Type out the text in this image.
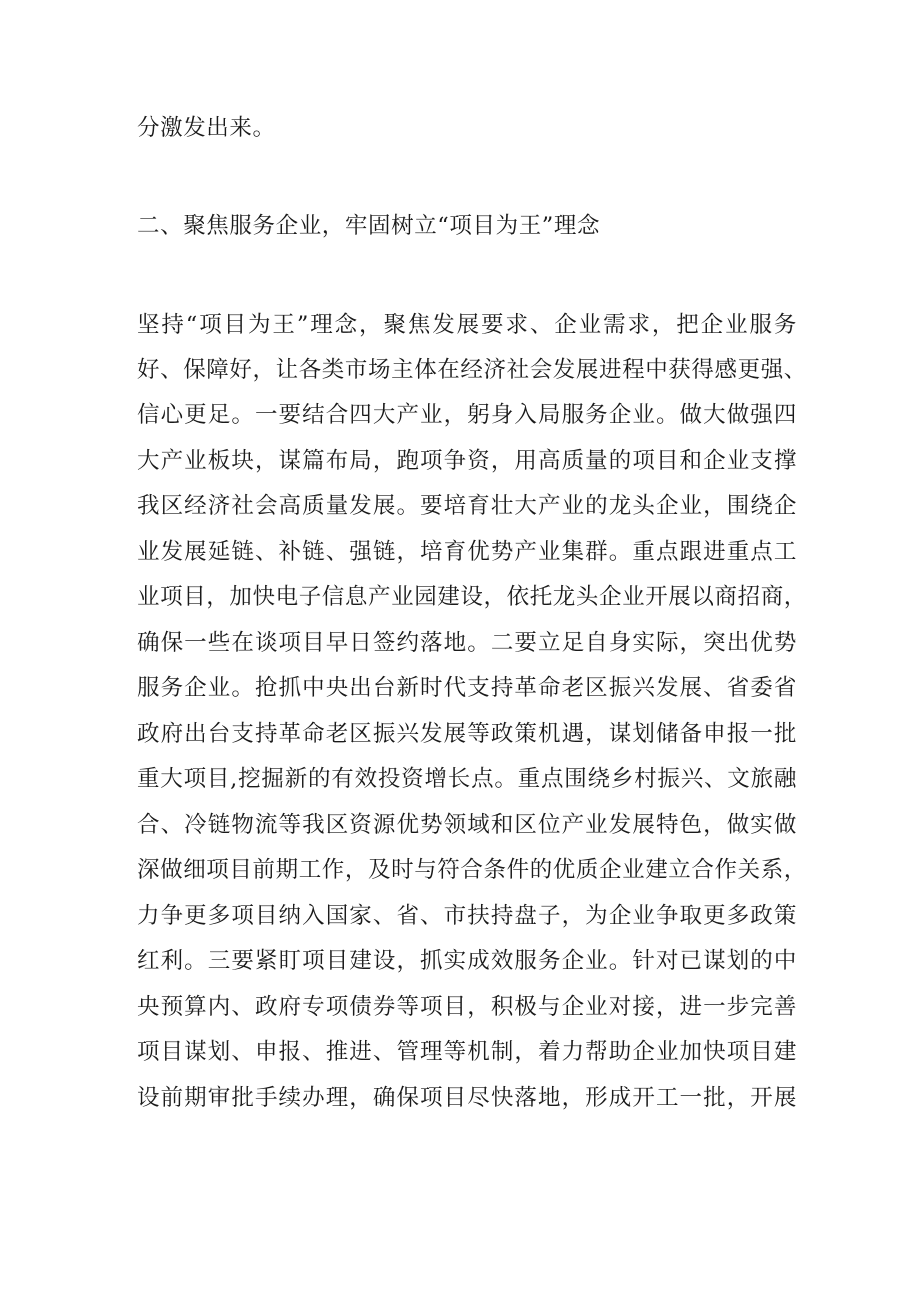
分激发出来。
二、聚焦服务企业，牢固树立“项目为王”理念
坚持“项目为王”理念，聚焦发展要求、企业需求，把企业服务
好、保障好，让各类市场主体在经济社会发展进程中获得感更强、
信心更足。一要结合四大产业，躬身入局服务企业。做大做强四
大产业板块，谋篇布局，跑项争资，用高质量的项目和企业支撑
我区经济社会高质量发展。要培育壮大产业的龙头企业，围绕企
业发展延链、补链、强链，培育优势产业集群。重点跟进重点工
业项目，加快电子信息产业园建设，依托龙头企业开展以商招商，
确保一些在谈项目早日签约落地。二要立足自身实际，突出优势
服务企业。抢抓中央出台新时代支持革命老区振兴发展、省委省
政府出台支持革命老区振兴发展等政策机遇，谋划储备申报一批
重大项目,挖掘新的有效投资增长点。重点围绕乡村振兴、文旅融
合、冷链物流等我区资源优势领域和区位产业发展特色，做实做
深做细项目前期工作，及时与符合条件的优质企业建立合作关系，
力争更多项目纳入国家、省、市扶持盘子，为企业争取更多政策
红利。三要紧盯项目建设，抓实成效服务企业。针对已谋划的中
央预算内、政府专项债券等项目，积极与企业对接，进一步完善
项目谋划、申报、推进、管理等机制，着力帮助企业加快项目建
设前期审批手续办理，确保项目尽快落地，形成开工一批，开展
